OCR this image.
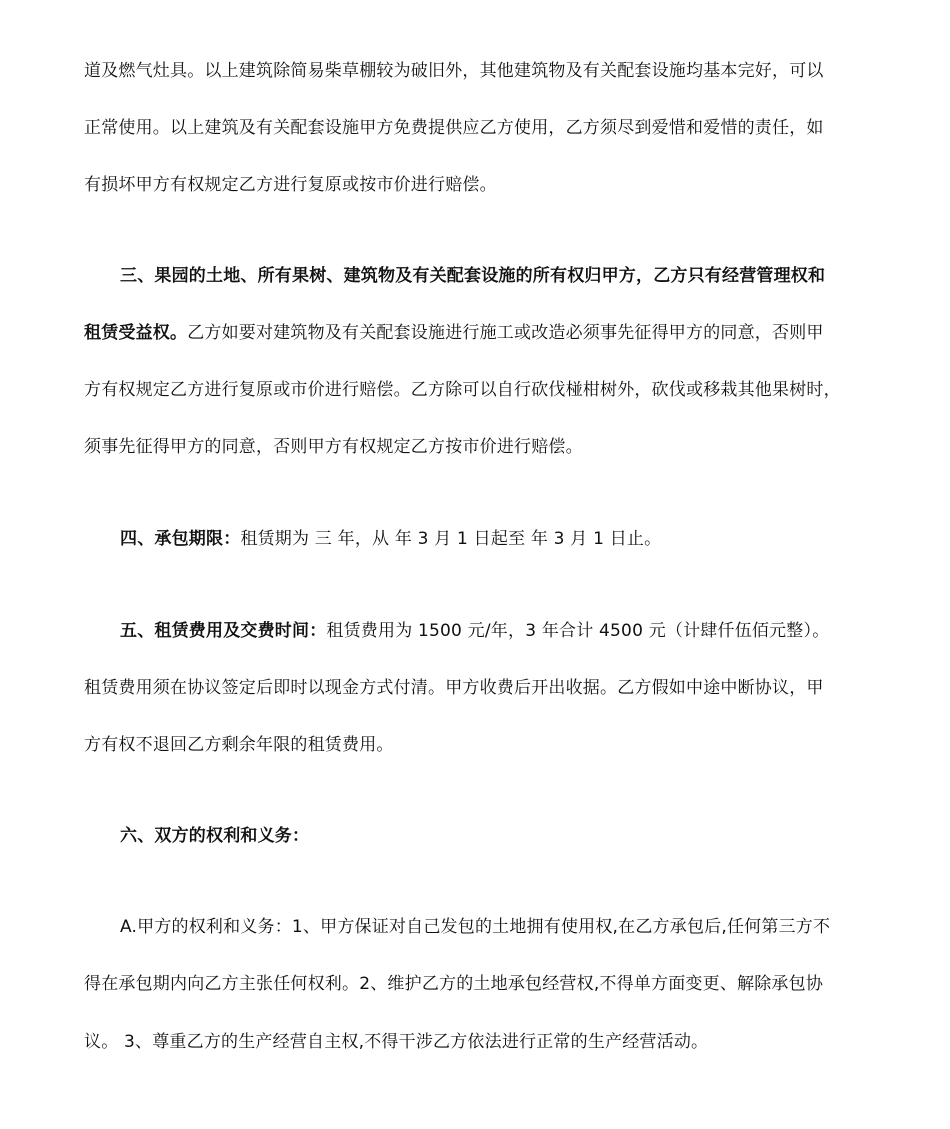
道及燃气灶具。以上建筑除简易柴草棚较为破旧外，其他建筑物及有关配套设施均基本完好，可以
正常使用。以上建筑及有关配套设施甲方免费提供应乙方使用，乙方须尽到爱惜和爱惜的责任，如
有损坏甲方有权规定乙方进行复原或按市价进行赔偿。
三、果园的土地、所有果树、建筑物及有关配套设施的所有权归甲方，乙方只有经营管理权和
租赁受益权。乙方如要对建筑物及有关配套设施进行施工或改造必须事先征得甲方的同意，否则甲
方有权规定乙方进行复原或市价进行赔偿。乙方除可以自行砍伐椪柑树外，砍伐或移栽其他果树时，
须事先征得甲方的同意，否则甲方有权规定乙方按市价进行赔偿。
四、承包期限：租赁期为 三 年，从 年 3 月 1 日起至 年 3 月 1 日止。
五、租赁费用及交费时间：租赁费用为 1500 元/年，3 年合计 4500 元（计肆仟伍佰元整）。
租赁费用须在协议签定后即时以现金方式付清。甲方收费后开出收据。乙方假如中途中断协议，甲
方有权不退回乙方剩余年限的租赁费用。
六、双方的权利和义务：
A.甲方的权利和义务：1、甲方保证对自己发包的土地拥有使用权,在乙方承包后,任何第三方不
得在承包期内向乙方主张任何权利。2、维护乙方的土地承包经营权,不得单方面变更、解除承包协
议。 3、尊重乙方的生产经营自主权,不得干涉乙方依法进行正常的生产经营活动。
